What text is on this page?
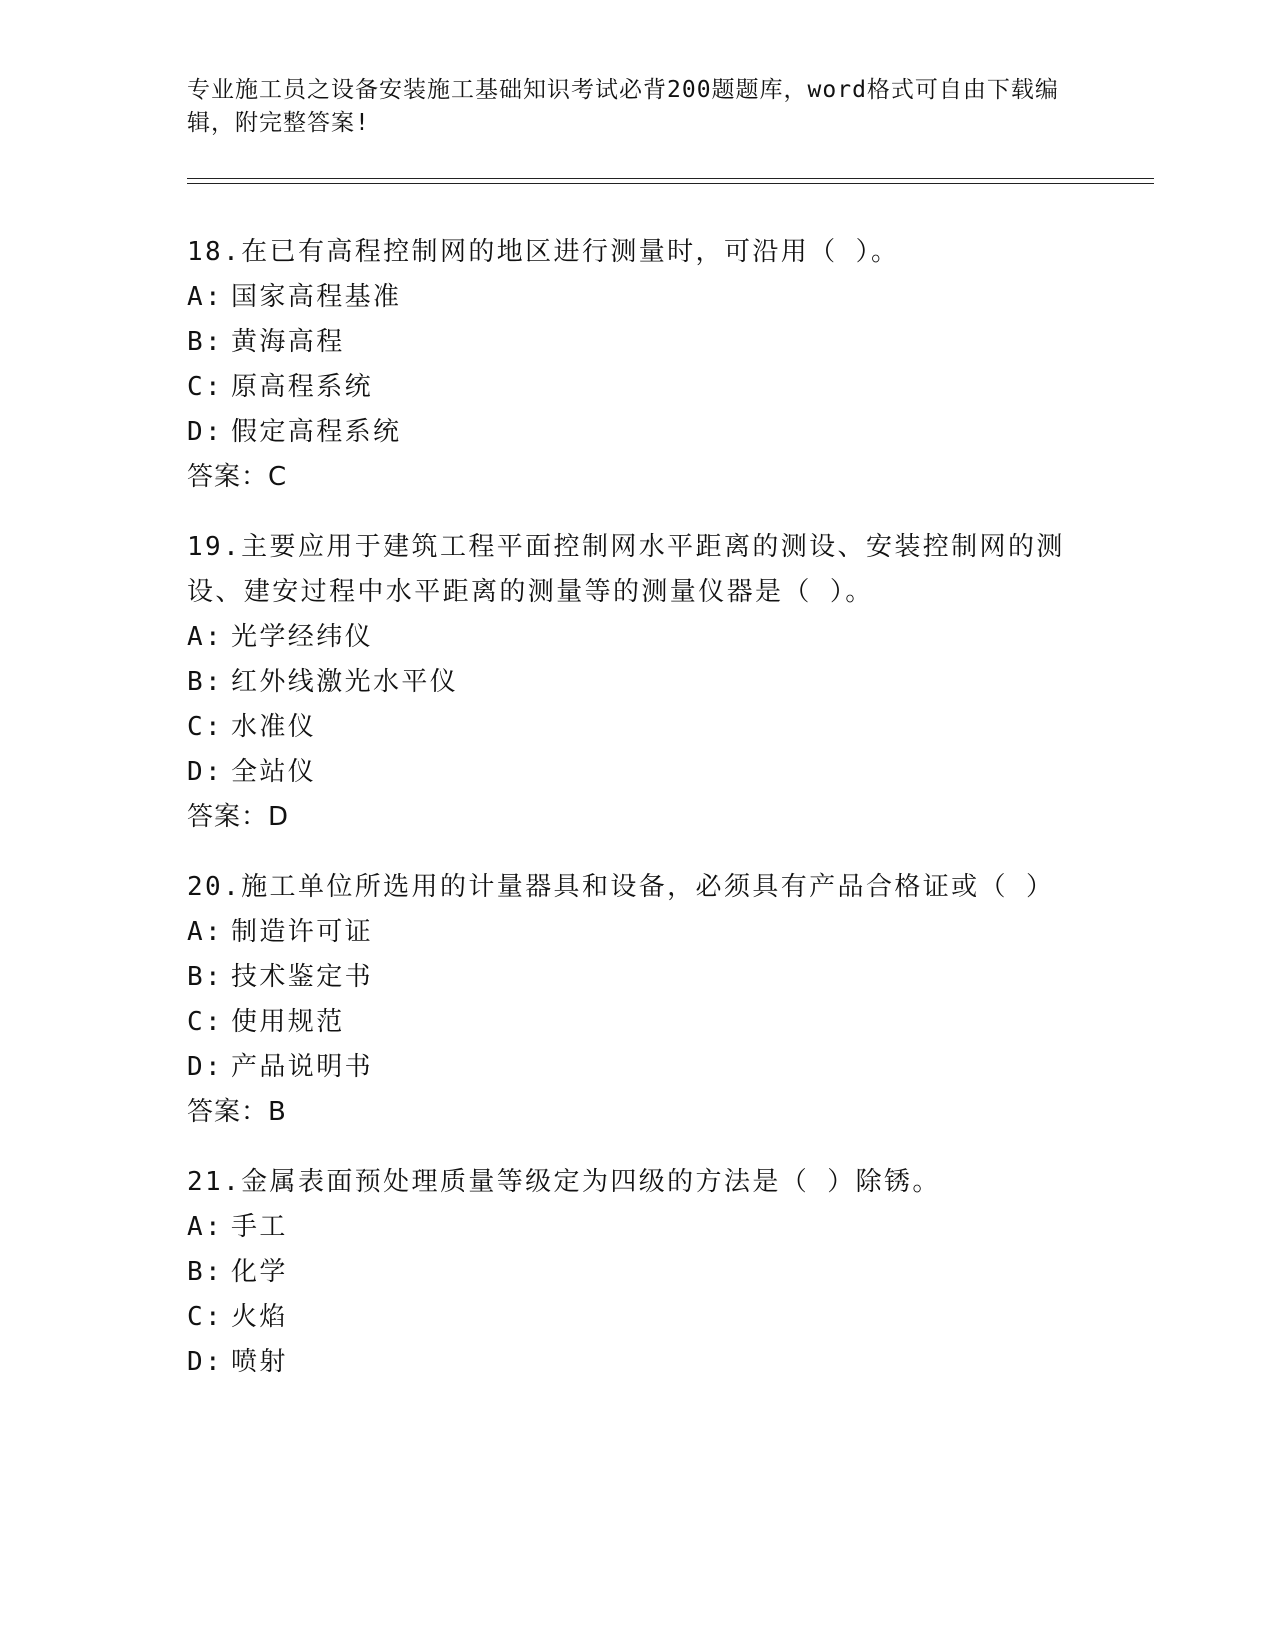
专业施工员之设备安装施工基础知识考试必背200题题库，word格式可自由下载编辑，附完整答案!
18.在已有高程控制网的地区进行测量时，可沿用（ ）。
A: 国家高程基准
B: 黄海高程
C: 原高程系统
D: 假定高程系统
答案：C
19.主要应用于建筑工程平面控制网水平距离的测设、安装控制网的测设、建安过程中水平距离的测量等的测量仪器是（ ）。
A: 光学经纬仪
B: 红外线激光水平仪
C: 水准仪
D: 全站仪
答案：D
20.施工单位所选用的计量器具和设备，必须具有产品合格证或（ ）
A: 制造许可证
B: 技术鉴定书
C: 使用规范
D: 产品说明书
答案：B
21.金属表面预处理质量等级定为四级的方法是（ ）除锈。
A: 手工
B: 化学
C: 火焰
D: 喷射
